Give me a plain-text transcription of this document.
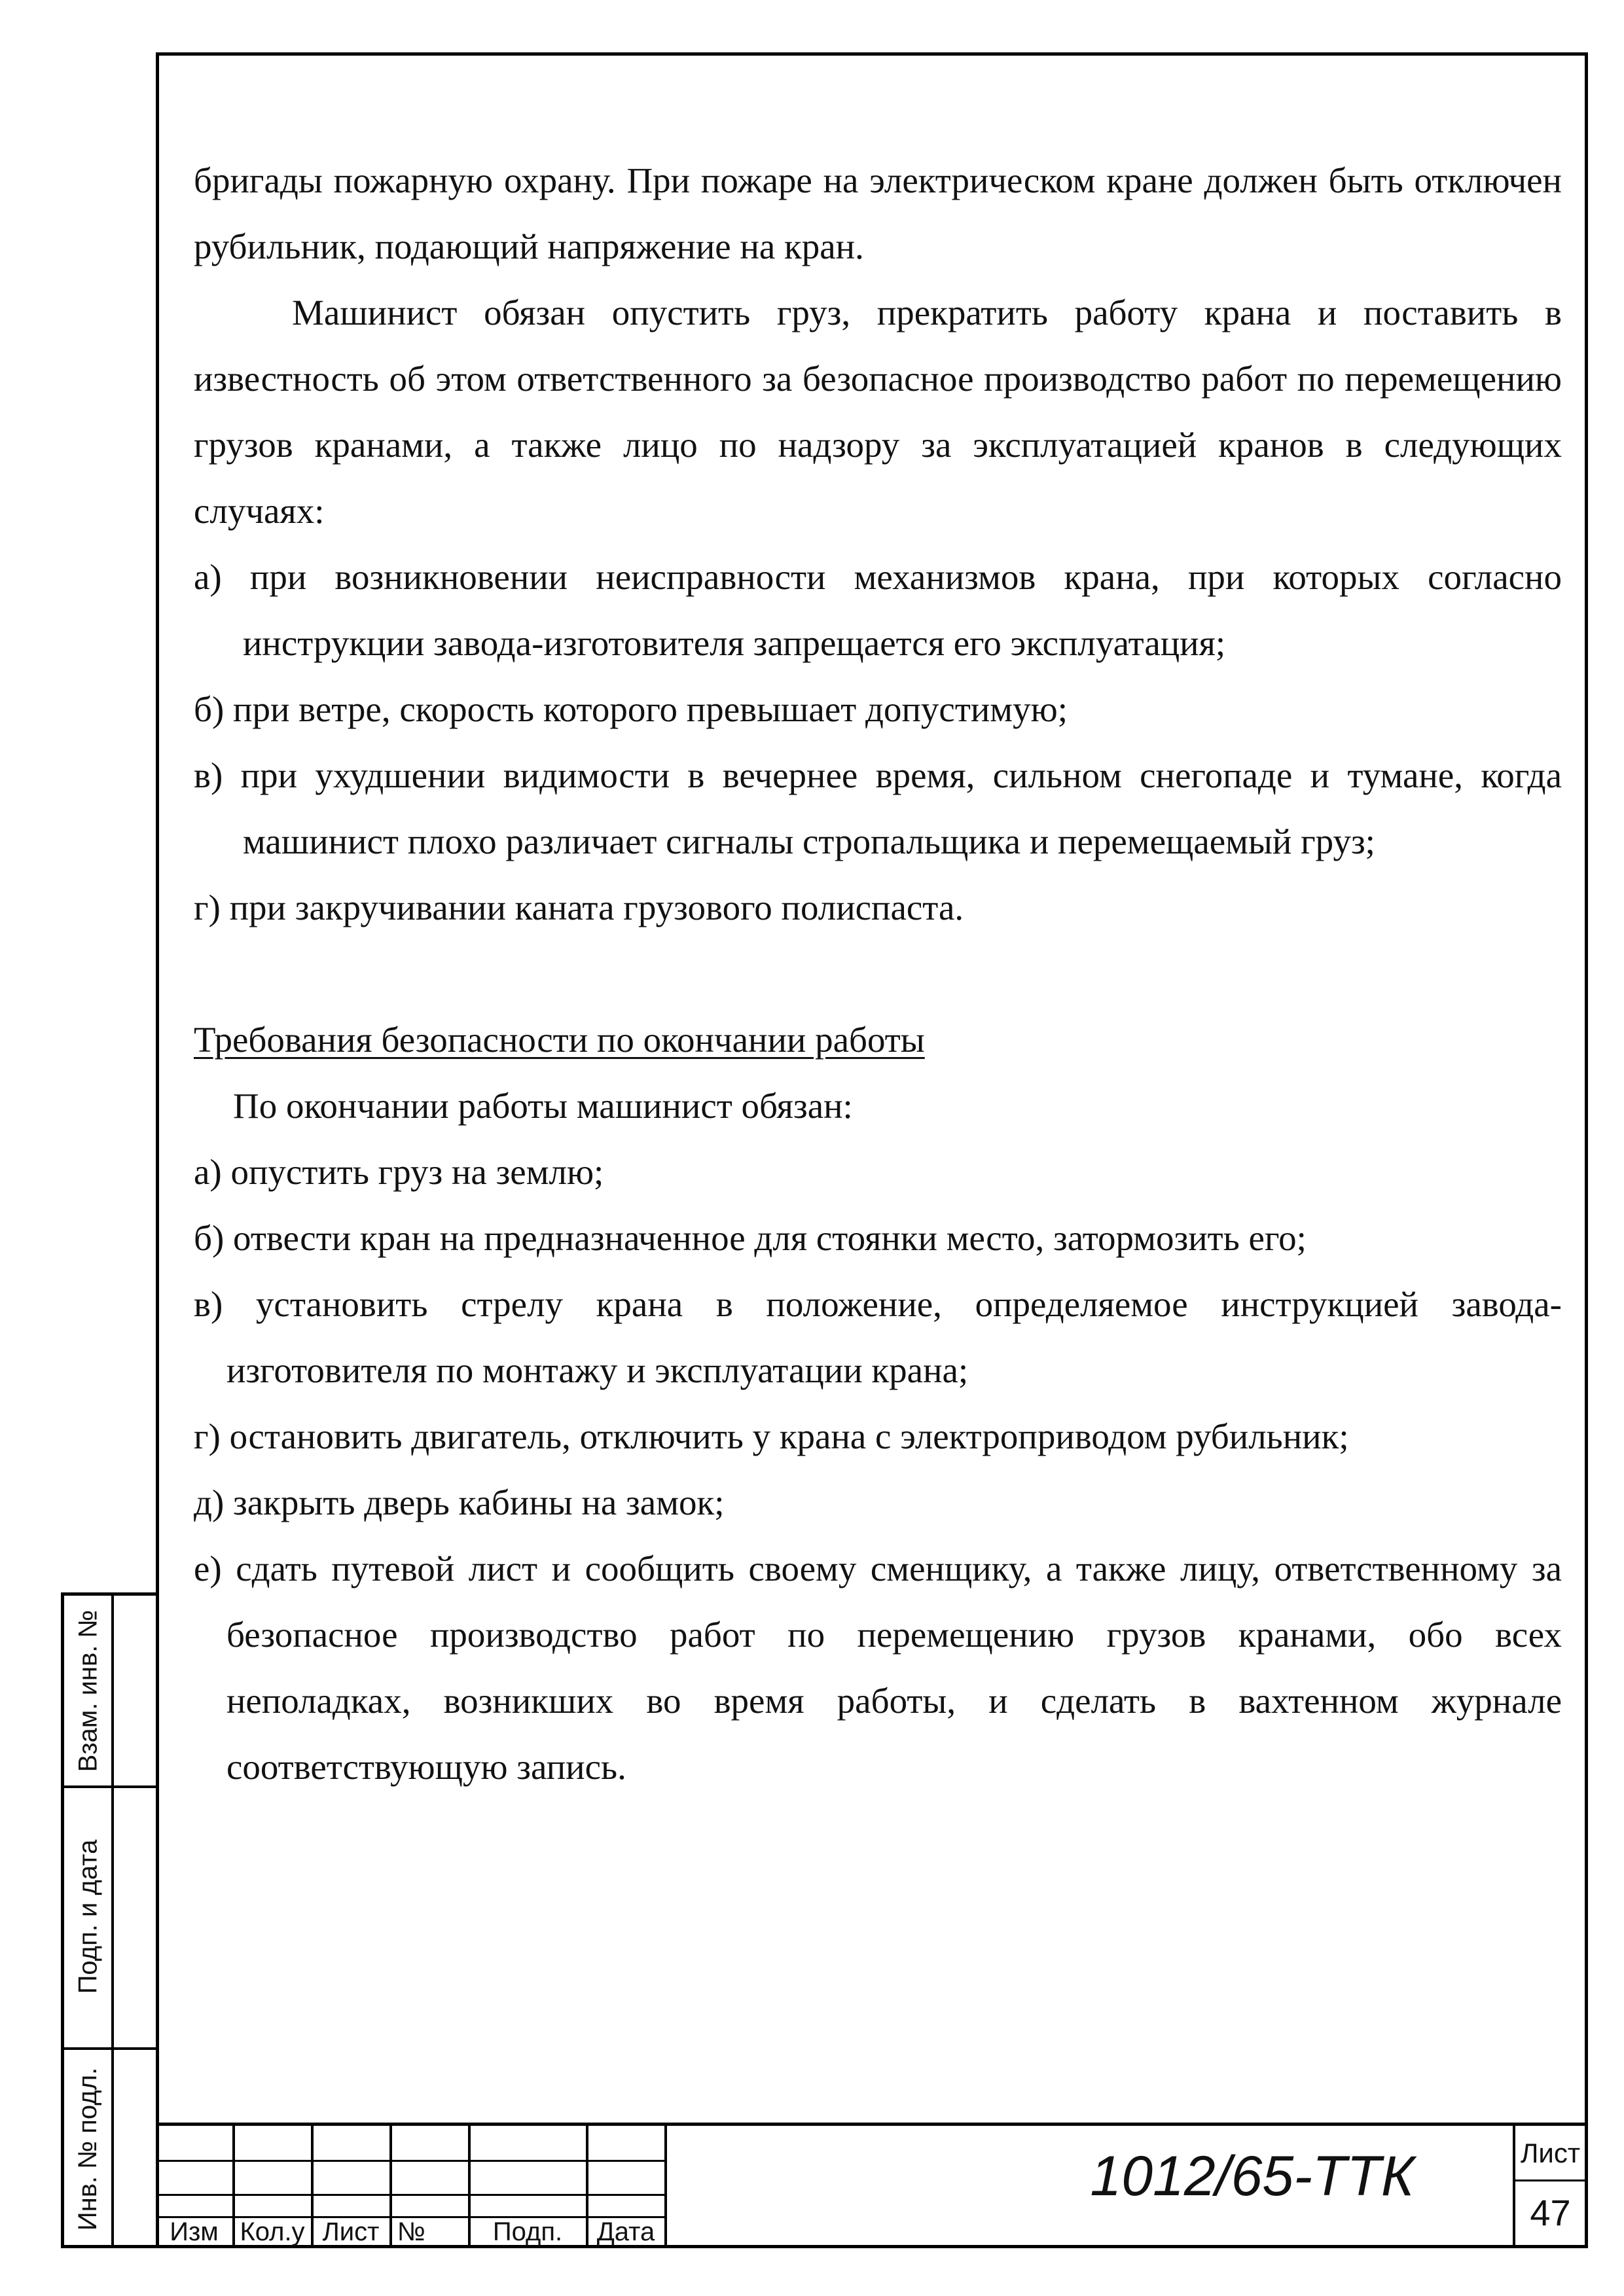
бригады пожарную охрану. При пожаре на электрическом кране должен быть отключен рубильник, подающий напряжение на кран.

Машинист обязан опустить груз, прекратить работу крана и поставить в известность об этом ответственного за безопасное производство работ по перемещению грузов кранами, а также лицо по надзору за эксплуатацией кранов в следующих случаях:

а) при возникновении неисправности механизмов крана, при которых согласно инструкции завода-изготовителя запрещается его эксплуатация;

б) при ветре, скорость которого превышает допустимую;

в) при ухудшении видимости в вечернее время, сильном снегопаде и тумане, когда машинист плохо различает сигналы стропальщика и перемещаемый груз;

г) при закручивании каната грузового полиспаста.

Требования безопасности по окончании работы

По окончании работы машинист обязан:

а) опустить груз на землю;

б) отвести кран на предназначенное для стоянки место, затормозить его;

в) установить стрелу крана в положение, определяемое инструкцией завода-изготовителя по монтажу и эксплуатации крана;

г) остановить двигатель, отключить у крана с электроприводом рубильник;

д) закрыть дверь кабины на замок;

е) сдать путевой лист и сообщить своему сменщику, а также лицу, ответственному за безопасное производство работ по перемещению грузов кранами, обо всех неполадках, возникших во время работы, и сделать в вахтенном журнале соответствующую запись.

Взам. инв. №
Подп. и дата
Инв. № подл.
Изм Кол.у Лист №	Подп.	Дата
1012/65-ТТК	Лист
47
